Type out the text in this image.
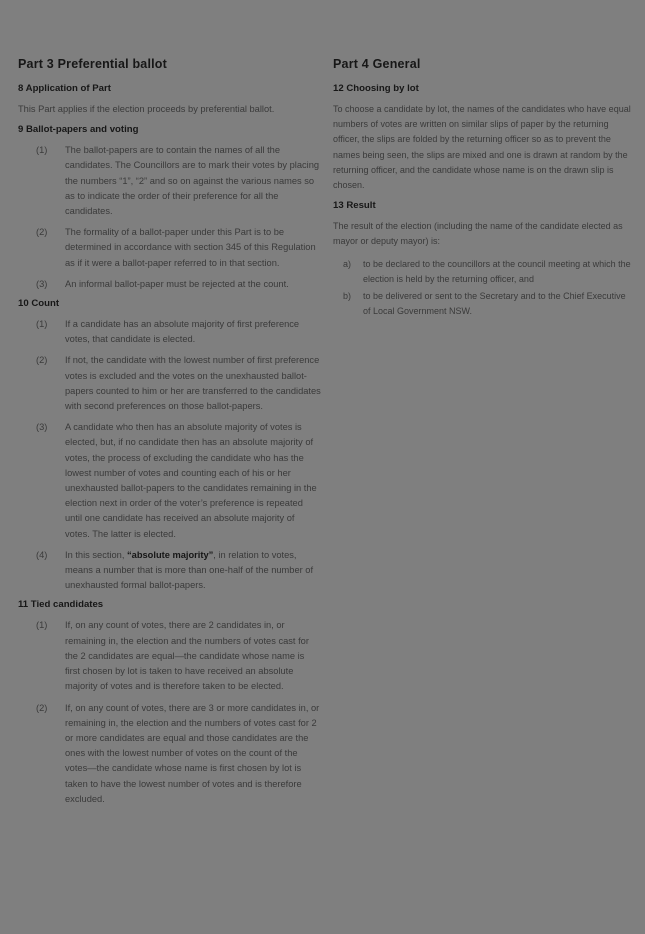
Part 3 Preferential ballot
8 Application of Part

This Part applies if the election proceeds by preferential ballot.

9 Ballot-papers and voting
(1)	The ballot-papers are to contain the names of all the candidates. The Councillors are to mark their votes by placing the numbers “1”, “2” and so on against the various names so as to indicate the order of their preference for all the candidates.
(2)	The formality of a ballot-paper under this Part is to be determined in accordance with section 345 of this Regulation as if it were a ballot-paper referred to in that section.
(3)	An informal ballot-paper must be rejected at the count.
10 Count
(1)	If a candidate has an absolute majority of first preference votes, that candidate is elected.
(2)	If not, the candidate with the lowest number of first preference votes is excluded and the votes on the unexhausted ballot-papers counted to him or her are transferred to the candidates with second preferences on those ballot-papers.
(3)	A candidate who then has an absolute majority of votes is elected, but, if no candidate then has an absolute majority of votes, the process of excluding the candidate who has the lowest number of votes and counting each of his or her unexhausted ballot-papers to the candidates remaining in the election next in order of the voter’s preference is repeated until one candidate has received an absolute majority of votes. The latter is elected.
(4)	In this section, “absolute majority”, in relation to votes, means a number that is more than one-half of the number of unexhausted formal ballot-papers.
11 Tied candidates
(1)	If, on any count of votes, there are 2 candidates in, or remaining in, the election and the numbers of votes cast for the 2 candidates are equal—the candidate whose name is first chosen by lot is taken to have received an absolute majority of votes and is therefore taken to be elected.
(2)	If, on any count of votes, there are 3 or more candidates in, or remaining in, the election and the numbers of votes cast for 2 or more candidates are equal and those candidates are the ones with the lowest number of votes on the count of the votes—the candidate whose name is first chosen by lot is taken to have the lowest number of votes and is therefore excluded.
Part 4 General
12 Choosing by lot

To choose a candidate by lot, the names of the candidates who have equal numbers of votes are written on similar slips of paper by the returning officer, the slips are folded by the returning officer so as to prevent the names being seen, the slips are mixed and one is drawn at random by the returning officer, and the candidate whose name is on the drawn slip is chosen.

13 Result

The result of the election (including the name of the candidate elected as mayor or deputy mayor) is:

a)	to be declared to the councillors at the council meeting at which the election is held by the returning officer, and
b)	to be delivered or sent to the Secretary and to the Chief Executive of Local Government NSW.
